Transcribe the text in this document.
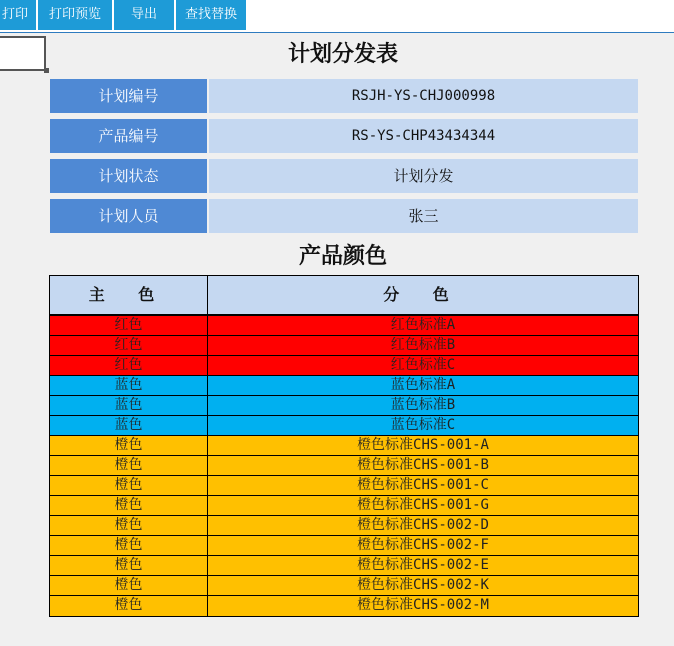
打印	打印预览	导出	查找替换
计划分发表
计划编号	RSJH-YS-CHJ000998
产品编号	RS-YS-CHP43434344
计划状态	计划分发
计划人员	张三
产品颜色
主 色	分 色
红色	红色标准A
红色	红色标准B
红色	红色标准C
蓝色	蓝色标准A
蓝色	蓝色标准B
蓝色	蓝色标准C
橙色	橙色标准CHS-001-A
橙色	橙色标准CHS-001-B
橙色	橙色标准CHS-001-C
橙色	橙色标准CHS-001-G
橙色	橙色标准CHS-002-D
橙色	橙色标准CHS-002-F
橙色	橙色标准CHS-002-E
橙色	橙色标准CHS-002-K
橙色	橙色标准CHS-002-M
